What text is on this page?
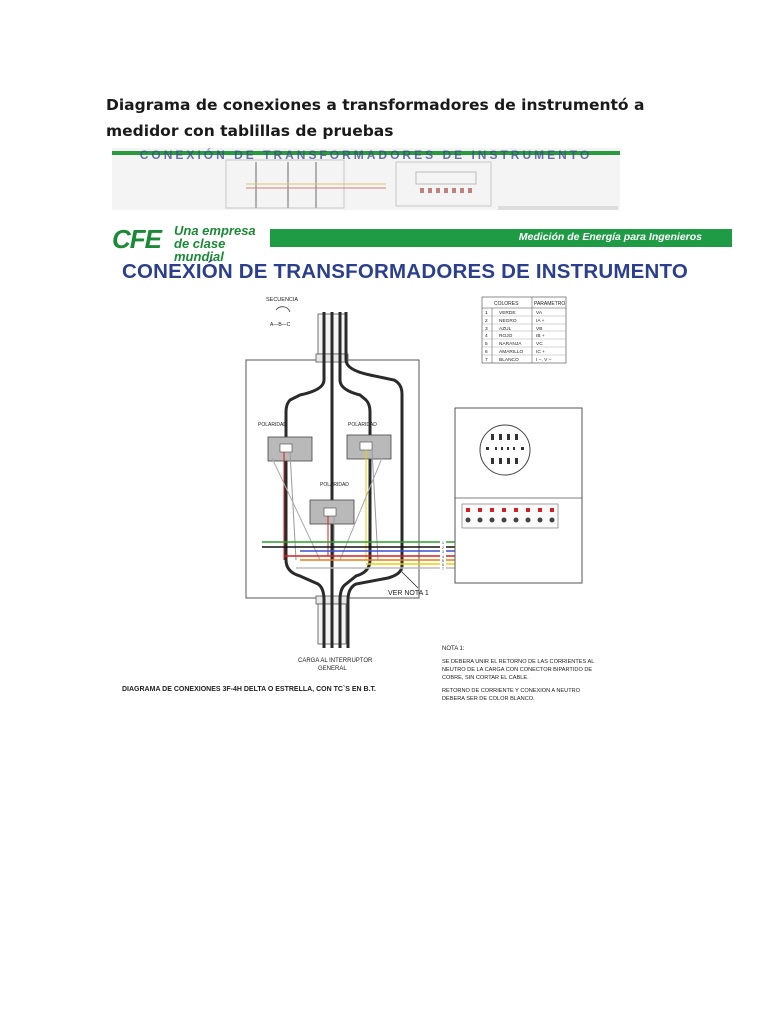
Diagrama de conexiones a transformadores de instrumentó a medidor con tablillas de pruebas
CONEXIÓN DE TRANSFORMADORES DE INSTRUMENTO
CFE Una empresa
de clase mundial
Medición de Energía para Ingenieros
CONEXIÓN DE TRANSFORMADORES DE INSTRUMENTO
SECUENCIA
A—B—C
POLARIDAD	POLARIDAD
POLARIDAD
1
2
3
4
5
6
7
VER NOTA 1
COLORES	PARAMETRO
1 VERDE	VA
2 NEGRO	IA +
3 AZUL	VB
4 ROJO	IB +
5 NARANJA	VC
6 AMARILLO	IC +
7 BLANCO	I −, V −
CARGA AL INTERRUPTOR
GENERAL
DIAGRAMA DE CONEXIONES 3F-4H DELTA O ESTRELLA, CON TC`S EN B.T.
NOTA 1:
SE DEBERA UNIR EL RETORNO DE LAS CORRIENTES AL
NEUTRO DE LA CARGA CON CONECTOR BIPARTIDO DE
COBRE, SIN CORTAR EL CABLE.
RETORNO DE CORRIENTE Y CONEXION A NEUTRO
DEBERA SER DE COLOR BLANCO.
